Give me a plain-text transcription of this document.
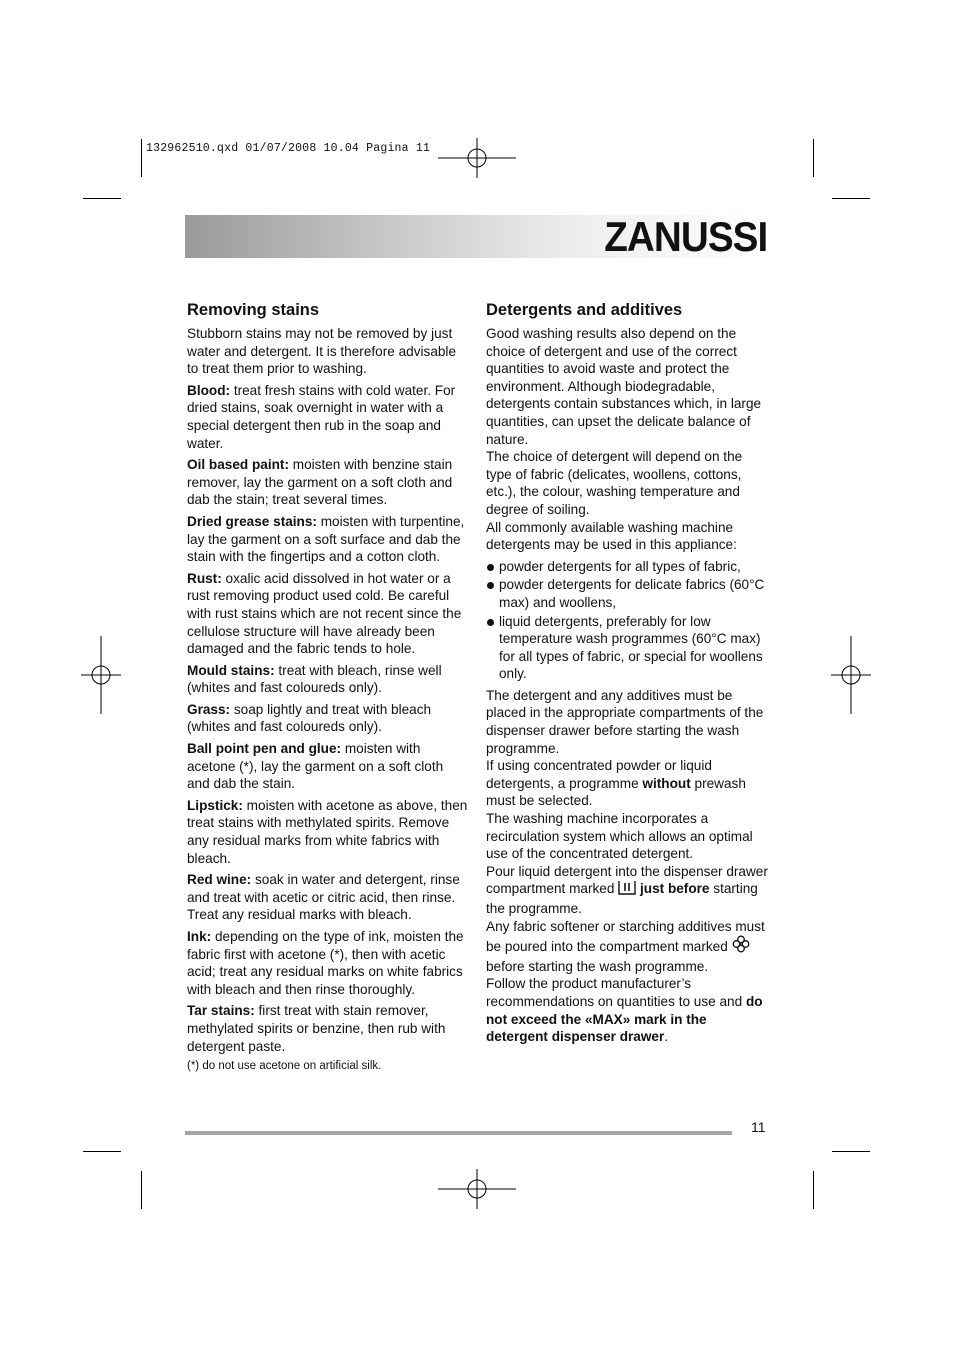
132962510.qxd 01/07/2008 10.04 Pagina 11
ZANUSSI
Removing stains

Stubborn stains may not be removed by just water and detergent. It is therefore advisable to treat them prior to washing.

Blood: treat fresh stains with cold water. For dried stains, soak overnight in water with a special detergent then rub in the soap and water.

Oil based paint: moisten with benzine stain remover, lay the garment on a soft cloth and dab the stain; treat several times.

Dried grease stains: moisten with turpentine, lay the garment on a soft surface and dab the stain with the fingertips and a cotton cloth.

Rust: oxalic acid dissolved in hot water or a rust removing product used cold. Be careful with rust stains which are not recent since the cellulose structure will have already been damaged and the fabric tends to hole.

Mould stains: treat with bleach, rinse well (whites and fast coloureds only).

Grass: soap lightly and treat with bleach (whites and fast coloureds only).

Ball point pen and glue: moisten with acetone (*), lay the garment on a soft cloth and dab the stain.

Lipstick: moisten with acetone as above, then treat stains with methylated spirits. Remove any residual marks from white fabrics with bleach.

Red wine: soak in water and detergent, rinse and treat with acetic or citric acid, then rinse. Treat any residual marks with bleach.

Ink: depending on the type of ink, moisten the fabric first with acetone (*), then with acetic acid; treat any residual marks on white fabrics with bleach and then rinse thoroughly.

Tar stains: first treat with stain remover, methylated spirits or benzine, then rub with detergent paste.

(*) do not use acetone on artificial silk.

Detergents and additives

Good washing results also depend on the choice of detergent and use of the correct quantities to avoid waste and protect the environment. Although biodegradable, detergents contain substances which, in large quantities, can upset the delicate balance of nature.

The choice of detergent will depend on the type of fabric (delicates, woollens, cottons, etc.), the colour, washing temperature and degree of soiling.

All commonly available washing machine detergents may be used in this appliance:

powder detergents for all types of fabric,
powder detergents for delicate fabrics (60°C max) and woollens,
liquid detergents, preferably for low temperature wash programmes (60°C max) for all types of fabric, or special for woollens only.

The detergent and any additives must be placed in the appropriate compartments of the dispenser drawer before starting the wash programme.

If using concentrated powder or liquid detergents, a programme without prewash must be selected.

The washing machine incorporates a recirculation system which allows an optimal use of the concentrated detergent.

Pour liquid detergent into the dispenser drawer compartment marked  just before starting the programme.

Any fabric softener or starching additives must be poured into the compartment marked  before starting the wash programme.

Follow the product manufacturer’s recommendations on quantities to use and do not exceed the «MAX» mark in the detergent dispenser drawer.

11
